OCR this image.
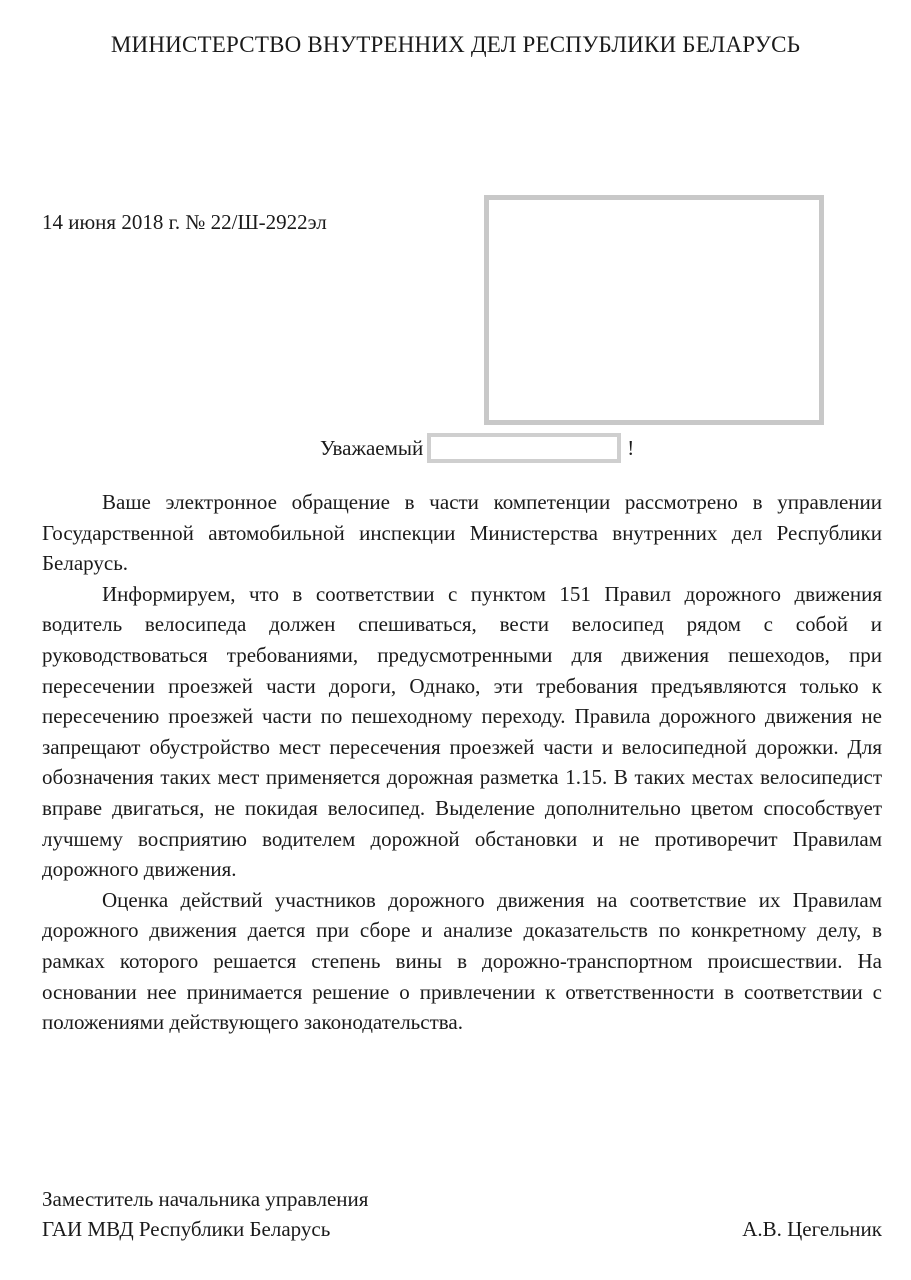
МИНИСТЕРСТВО ВНУТРЕННИХ ДЕЛ РЕСПУБЛИКИ БЕЛАРУСЬ
14 июня 2018 г. № 22/Ш-2922эл
Уважаемый	!

Ваше электронное обращение в части компетенции рассмотрено в управлении Государственной автомобильной инспекции Министерства внутренних дел Республики Беларусь.

Информируем, что в соответствии с пунктом 151 Правил дорожного движения водитель велосипеда должен спешиваться, вести велосипед рядом с собой и руководствоваться требованиями, предусмотренными для движения пешеходов, при пересечении проезжей части дороги, Однако, эти требования предъявляются только к пересечению проезжей части по пешеходному переходу. Правила дорожного движения не запрещают обустройство мест пересечения проезжей части и велосипедной дорожки. Для обозначения таких мест применяется дорожная разметка 1.15. В таких местах велосипедист вправе двигаться, не покидая велосипед. Выделение дополнительно цветом способствует лучшему восприятию водителем дорожной обстановки и не противоречит Правилам дорожного движения.

Оценка действий участников дорожного движения на соответствие их Правилам дорожного движения дается при сборе и анализе доказательств по конкретному делу, в рамках которого решается степень вины в дорожно-транспортном происшествии. На основании нее принимается решение о привлечении к ответственности в соответствии с положениями действующего законодательства.

Заместитель начальника управления
ГАИ МВД Республики Беларусь	А.В. Цегельник
